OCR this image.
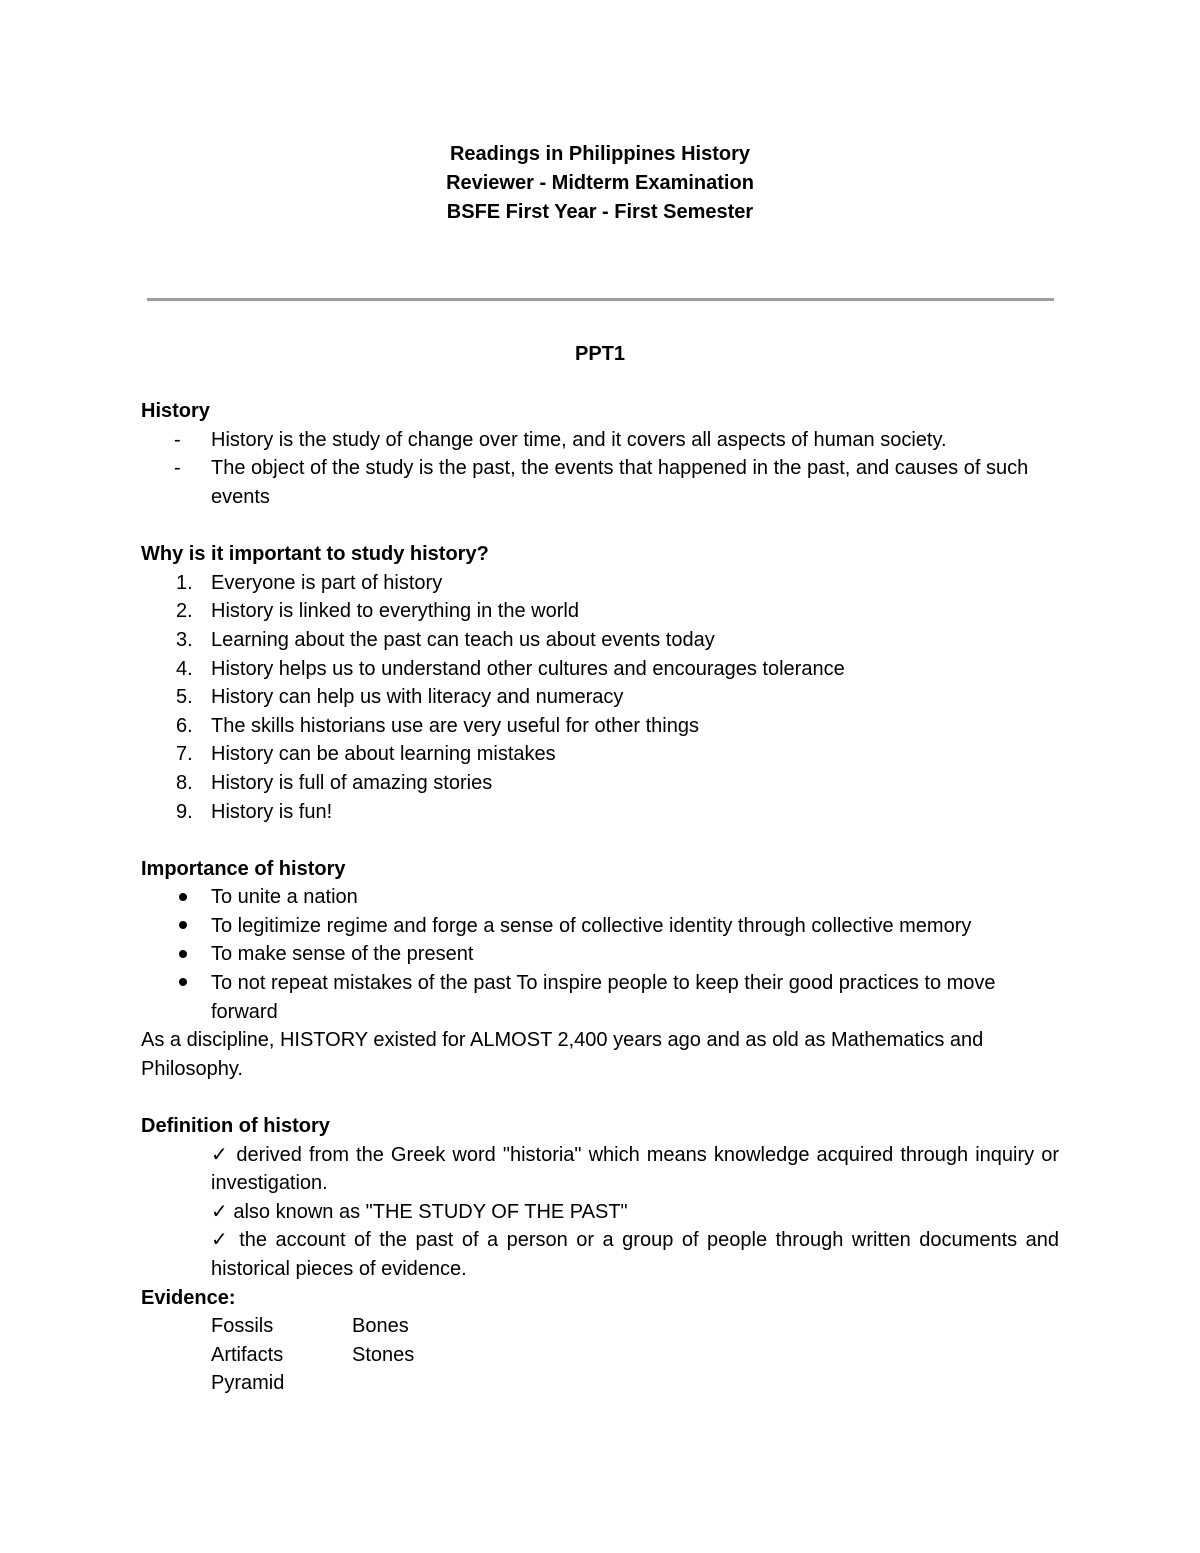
Readings in Philippines History
Reviewer - Midterm Examination
BSFE First Year - First Semester
PPT1
History
-	History is the study of change over time, and it covers all aspects of human society.
-	The object of the study is the past, the events that happened in the past, and causes of such events
Why is it important to study history?
1. Everyone is part of history
2. History is linked to everything in the world
3. Learning about the past can teach us about events today
4. History helps us to understand other cultures and encourages tolerance
5. History can help us with literacy and numeracy
6. The skills historians use are very useful for other things
7. History can be about learning mistakes
8. History is full of amazing stories
9. History is fun!
Importance of history
To unite a nation
To legitimize regime and forge a sense of collective identity through collective memory
To make sense of the present
To not repeat mistakes of the past To inspire people to keep their good practices to move forward
As a discipline, HISTORY existed for ALMOST 2,400 years ago and as old as Mathematics and Philosophy.
Definition of history
✓ derived from the Greek word "historia" which means knowledge acquired through inquiry or investigation.
✓ also known as "THE STUDY OF THE PAST"
✓ the account of the past of a person or a group of people through written documents and historical pieces of evidence.
Evidence:
Fossils	Bones
Artifacts	Stones
Pyramid
